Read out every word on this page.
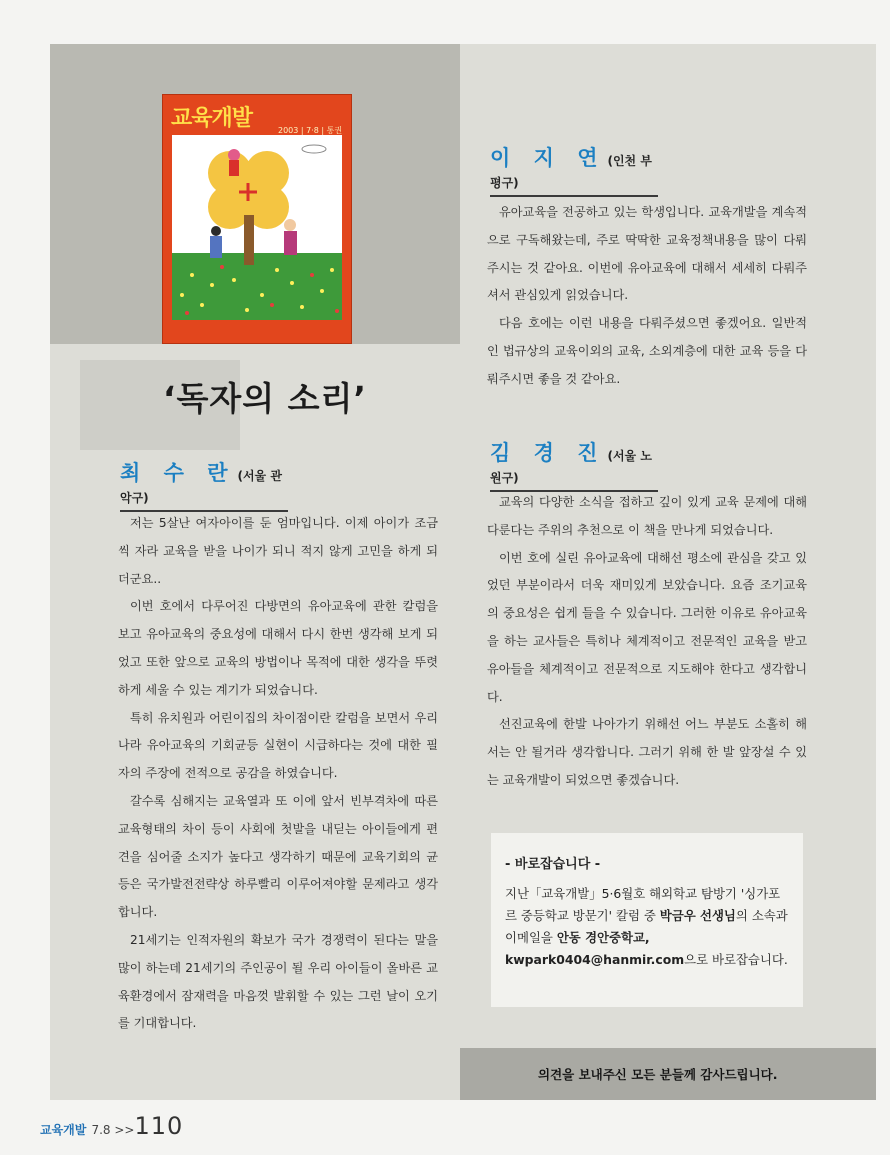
교육개발	2003 | 7·8 | 통권
‘독자의 소리’
최 수 란 (서울 관악구)

저는 5살난 여자아이를 둔 엄마입니다. 이제 아이가 조금씩 자라 교육을 받을 나이가 되니 적지 않게 고민을 하게 되더군요..

이번 호에서 다루어진 다방면의 유아교육에 관한 칼럼을 보고 유아교육의 중요성에 대해서 다시 한번 생각해 보게 되었고 또한 앞으로 교육의 방법이나 목적에 대한 생각을 뚜렷하게 세울 수 있는 계기가 되었습니다.

특히 유치원과 어린이집의 차이점이란 칼럼을 보면서 우리나라 유아교육의 기회균등 실현이 시급하다는 것에 대한 필자의 주장에 전적으로 공감을 하였습니다.

갈수록 심해지는 교육열과 또 이에 앞서 빈부격차에 따른 교육형태의 차이 등이 사회에 첫발을 내딛는 아이들에게 편견을 심어줄 소지가 높다고 생각하기 때문에 교육기회의 균등은 국가발전전략상 하루빨리 이루어져야할 문제라고 생각합니다.

21세기는 인적자원의 확보가 국가 경쟁력이 된다는 말을 많이 하는데 21세기의 주인공이 될 우리 아이들이 올바른 교육환경에서 잠재력을 마음껏 발휘할 수 있는 그런 날이 오기를 기대합니다.

이 지 연 (인천 부평구)

유아교육을 전공하고 있는 학생입니다. 교육개발을 계속적으로 구독해왔는데, 주로 딱딱한 교육정책내용을 많이 다뤄주시는 것 같아요. 이번에 유아교육에 대해서 세세히 다뤄주셔서 관심있게 읽었습니다.

다음 호에는 이런 내용을 다뤄주셨으면 좋겠어요. 일반적인 법규상의 교육이외의 교육, 소외계층에 대한 교육 등을 다뤄주시면 좋을 것 같아요.

김 경 진 (서울 노원구)

교육의 다양한 소식을 접하고 깊이 있게 교육 문제에 대해 다룬다는 주위의 추천으로 이 책을 만나게 되었습니다.

이번 호에 실린 유아교육에 대해선 평소에 관심을 갖고 있었던 부분이라서 더욱 재미있게 보았습니다. 요즘 조기교육의 중요성은 쉽게 들을 수 있습니다. 그러한 이유로 유아교육을 하는 교사들은 특히나 체계적이고 전문적인 교육을 받고 유아들을 체계적이고 전문적으로 지도해야 한다고 생각합니다.

선진교육에 한발 나아가기 위해선 어느 부분도 소홀히 해서는 안 될거라 생각합니다. 그러기 위해 한 발 앞장설 수 있는 교육개발이 되었으면 좋겠습니다.

- 바로잡습니다 -
지난「교육개발」5·6월호 해외학교 탐방기 '싱가포르 중등학교 방문기' 칼럼 중 박금우 선생님의 소속과 이메일을 안동 경안중학교, kwpark0404@hanmir.com으로 바로잡습니다.
의견을 보내주신 모든 분들께 감사드립니다.
교육개발 7.8 >>110
